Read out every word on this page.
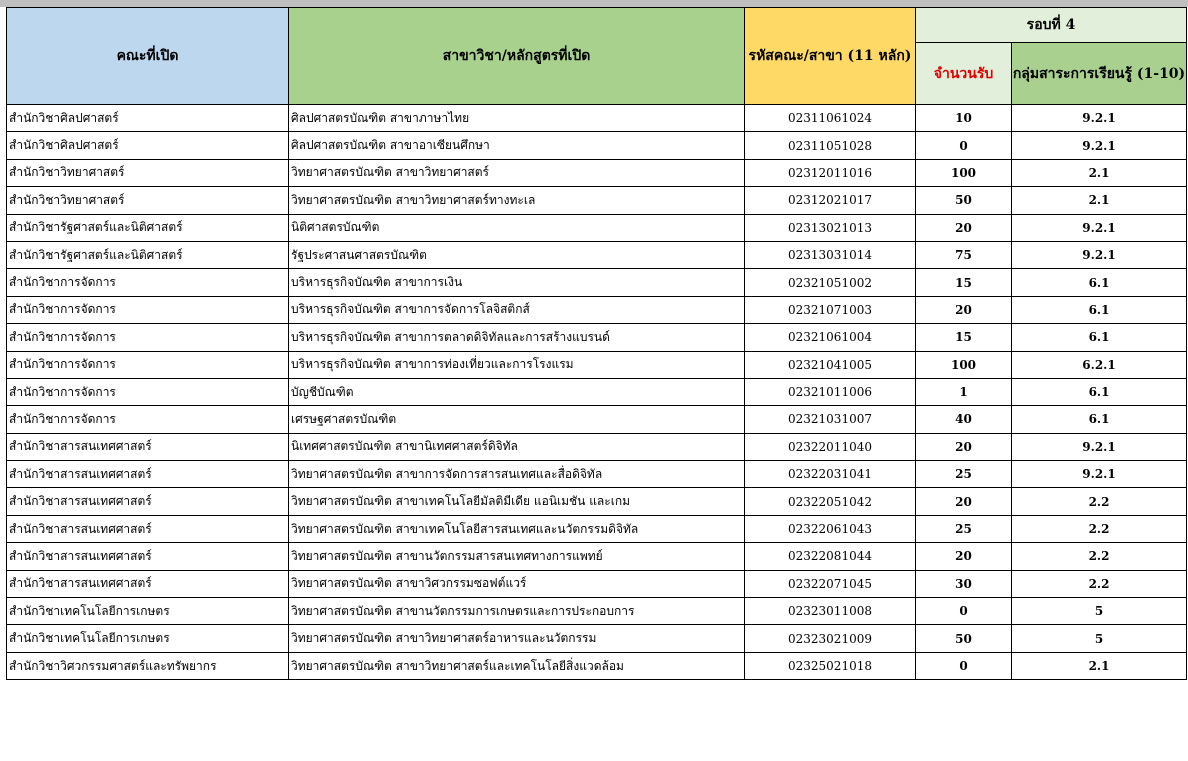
คณะที่เปิด	สาขาวิชา/หลักสูตรที่เปิด	รหัสคณะ/สาขา (11 หลัก)	รอบที่ 4	
			จำนวนรับ	กลุ่มสาระการเรียนรู้ (1-10)
สำนักวิชาศิลปศาสตร์	ศิลปศาสตรบัณฑิต สาขาภาษาไทย	02311061024	10	9.2.1
สำนักวิชาศิลปศาสตร์	ศิลปศาสตรบัณฑิต สาขาอาเซียนศึกษา	02311051028	0	9.2.1
สำนักวิชาวิทยาศาสตร์	วิทยาศาสตรบัณฑิต สาขาวิทยาศาสตร์	02312011016	100	2.1
สำนักวิชาวิทยาศาสตร์	วิทยาศาสตรบัณฑิต สาขาวิทยาศาสตร์ทางทะเล	02312021017	50	2.1
สำนักวิชารัฐศาสตร์และนิติศาสตร์	นิติศาสตรบัณฑิต	02313021013	20	9.2.1
สำนักวิชารัฐศาสตร์และนิติศาสตร์	รัฐประศาสนศาสตรบัณฑิต	02313031014	75	9.2.1
สำนักวิชาการจัดการ	บริหารธุรกิจบัณฑิต สาขาการเงิน	02321051002	15	6.1
สำนักวิชาการจัดการ	บริหารธุรกิจบัณฑิต สาขาการจัดการโลจิสติกส์	02321071003	20	6.1
สำนักวิชาการจัดการ	บริหารธุรกิจบัณฑิต สาขาการตลาดดิจิทัลและการสร้างแบรนด์	02321061004	15	6.1
สำนักวิชาการจัดการ	บริหารธุรกิจบัณฑิต สาขาการท่องเที่ยวและการโรงแรม	02321041005	100	6.2.1
สำนักวิชาการจัดการ	บัญชีบัณฑิต	02321011006	1	6.1
สำนักวิชาการจัดการ	เศรษฐศาสตรบัณฑิต	02321031007	40	6.1
สำนักวิชาสารสนเทศศาสตร์	นิเทศศาสตรบัณฑิต สาขานิเทศศาสตร์ดิจิทัล	02322011040	20	9.2.1
สำนักวิชาสารสนเทศศาสตร์	วิทยาศาสตรบัณฑิต สาขาการจัดการสารสนเทศและสื่อดิจิทัล	02322031041	25	9.2.1
สำนักวิชาสารสนเทศศาสตร์	วิทยาศาสตรบัณฑิต สาขาเทคโนโลยีมัลติมีเดีย แอนิเมชัน และเกม	02322051042	20	2.2
สำนักวิชาสารสนเทศศาสตร์	วิทยาศาสตรบัณฑิต สาขาเทคโนโลยีสารสนเทศและนวัตกรรมดิจิทัล	02322061043	25	2.2
สำนักวิชาสารสนเทศศาสตร์	วิทยาศาสตรบัณฑิต สาขานวัตกรรมสารสนเทศทางการแพทย์	02322081044	20	2.2
สำนักวิชาสารสนเทศศาสตร์	วิทยาศาสตรบัณฑิต สาขาวิศวกรรมซอฟต์แวร์	02322071045	30	2.2
สำนักวิชาเทคโนโลยีการเกษตร	วิทยาศาสตรบัณฑิต สาขานวัตกรรมการเกษตรและการประกอบการ	02323011008	0	5
สำนักวิชาเทคโนโลยีการเกษตร	วิทยาศาสตรบัณฑิต สาขาวิทยาศาสตร์อาหารและนวัตกรรม	02323021009	50	5
สำนักวิชาวิศวกรรมศาสตร์และทรัพยากร	วิทยาศาสตรบัณฑิต สาขาวิทยาศาสตร์และเทคโนโลยีสิ่งแวดล้อม	02325021018	0	2.1
